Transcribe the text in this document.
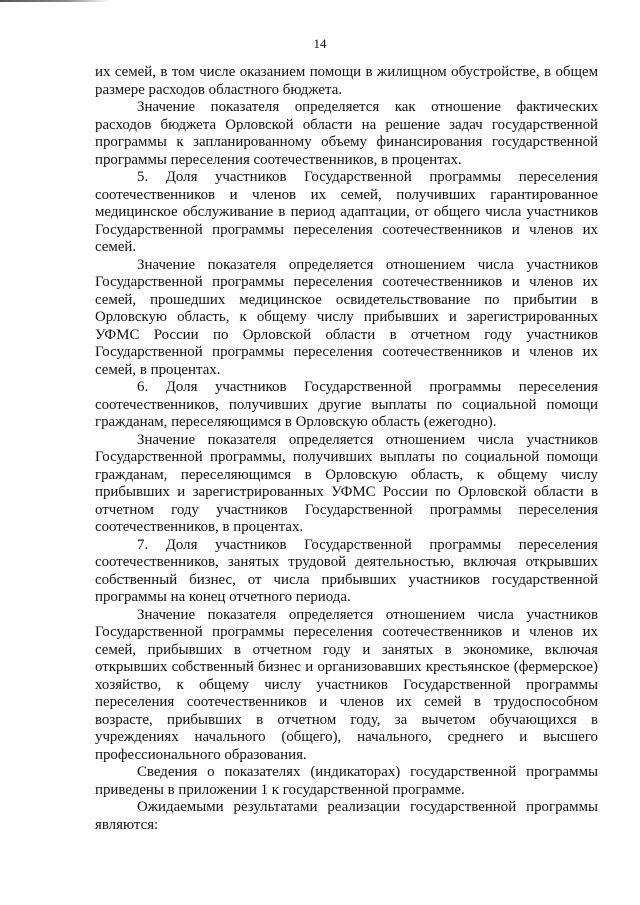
14

их семей, в том числе оказанием помощи в жилищном обустройстве, в общем размере расходов областного бюджета.

Значение показателя определяется как отношение фактических расходов бюджета Орловской области на решение задач государственной программы к запланированному объему финансирования государственной программы переселения соотечественников, в процентах.

5. Доля участников Государственной программы переселения соотечественников и членов их семей, получивших гарантированное медицинское обслуживание в период адаптации, от общего числа участников Государственной программы переселения соотечественников и членов их семей.

Значение показателя определяется отношением числа участников Государственной программы переселения соотечественников и членов их семей, прошедших медицинское освидетельствование по прибытии в Орловскую область, к общему числу прибывших и зарегистрированных УФМС России по Орловской области в отчетном году участников Государственной программы переселения соотечественников и членов их семей, в процентах.

6. Доля участников Государственной программы переселения соотечественников, получивших другие выплаты по социальной помощи гражданам, переселяющимся в Орловскую область (ежегодно).

Значение показателя определяется отношением числа участников Государственной программы, получивших выплаты по социальной помощи гражданам, переселяющимся в Орловскую область, к общему числу прибывших и зарегистрированных УФМС России по Орловской области в отчетном году участников Государственной программы переселения соотечественников, в процентах.

7. Доля участников Государственной программы переселения соотечественников, занятых трудовой деятельностью, включая открывших собственный бизнес, от числа прибывших участников государственной программы на конец отчетного периода.

Значение показателя определяется отношением числа участников Государственной программы переселения соотечественников и членов их семей, прибывших в отчетном году и занятых в экономике, включая открывших собственный бизнес и организовавших крестьянское (фермерское) хозяйство, к общему числу участников Государственной программы переселения соотечественников и членов их семей в трудоспособном возрасте, прибывших в отчетном году, за вычетом обучающихся в учреждениях начального (общего), начального, среднего и высшего профессионального образования.

Сведения о показателях (индикаторах) государственной программы приведены в приложении 1 к государственной программе.

Ожидаемыми результатами реализации государственной программы являются:
